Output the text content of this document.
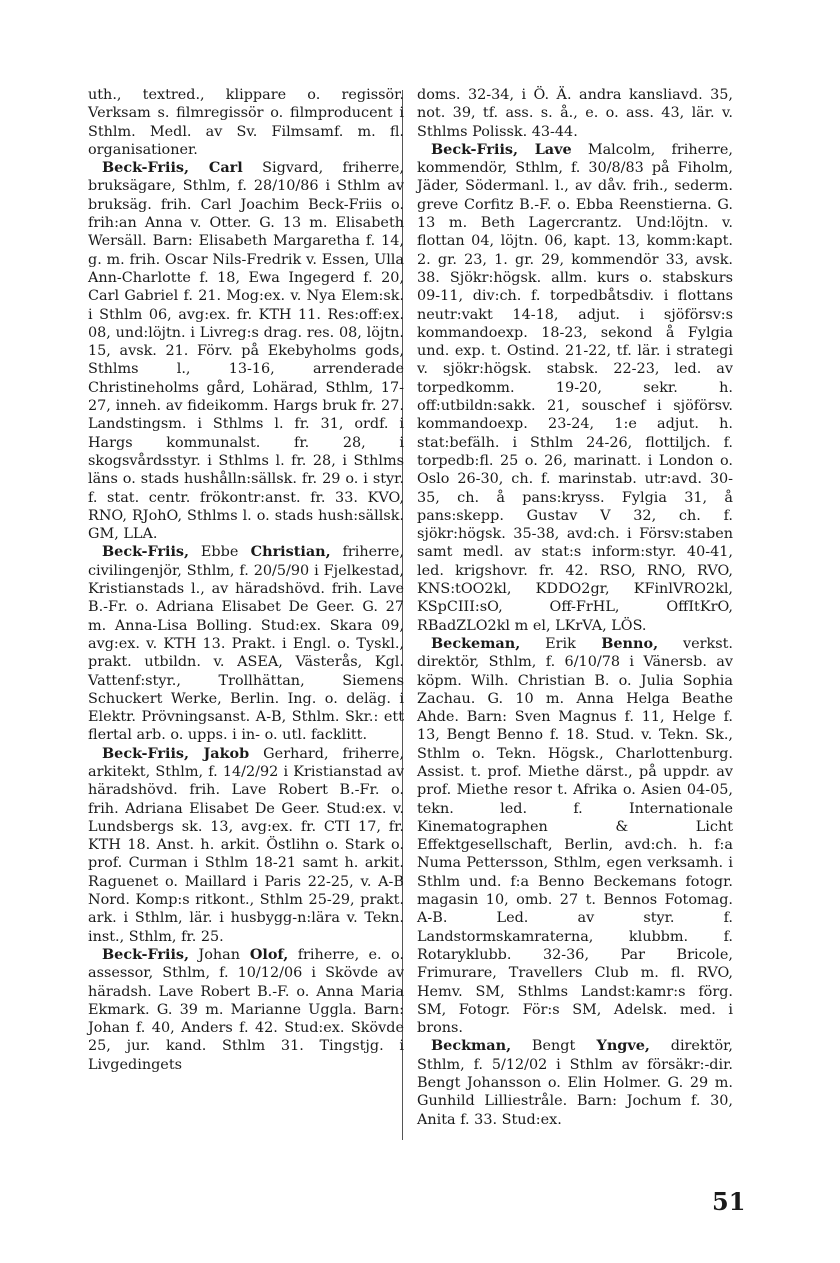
uth., textred., klippare o. regissör. Verksam s. filmregissör o. filmproducent i Sthlm. Medl. av Sv. Filmsamf. m. fl. organisationer.

Beck-Friis, Carl Sigvard, friherre, bruksägare, Sthlm, f. 28/10/86 i Sthlm av bruksäg. frih. Carl Joachim Beck-Friis o. frih:an Anna v. Otter. G. 13 m. Elisabeth Wersäll. Barn: Elisabeth Margaretha f. 14, g. m. frih. Oscar Nils-Fredrik v. Essen, Ulla Ann-Charlotte f. 18, Ewa Ingegerd f. 20, Carl Gabriel f. 21. Mog:ex. v. Nya Elem:sk. i Sthlm 06, avg:ex. fr. KTH 11. Res:off:ex. 08, und:löjtn. i Livreg:s drag. res. 08, löjtn. 15, avsk. 21. Förv. på Ekebyholms gods, Sthlms l., 13-16, arrenderade Christineholms gård, Lohärad, Sthlm, 17-27, inneh. av fideikomm. Hargs bruk fr. 27. Landstingsm. i Sthlms l. fr. 31, ordf. i Hargs kommunalst. fr. 28, i skogsvårdsstyr. i Sthlms l. fr. 28, i Sthlms läns o. stads hushålln:sällsk. fr. 29 o. i styr. f. stat. centr. frökontr:anst. fr. 33. KVO, RNO, RJohO, Sthlms l. o. stads hush:sällsk. GM, LLA.

Beck-Friis, Ebbe Christian, friherre, civilingenjör, Sthlm, f. 20/5/90 i Fjelkestad, Kristianstads l., av häradshövd. frih. Lave B.-Fr. o. Adriana Elisabet De Geer. G. 27 m. Anna-Lisa Bolling. Stud:ex. Skara 09, avg:ex. v. KTH 13. Prakt. i Engl. o. Tyskl., prakt. utbildn. v. ASEA, Västerås, Kgl. Vattenf:styr., Trollhättan, Siemens Schuckert Werke, Berlin. Ing. o. deläg. i Elektr. Prövningsanst. A-B, Sthlm. Skr.: ett flertal arb. o. upps. i in- o. utl. facklitt.

Beck-Friis, Jakob Gerhard, friherre, arkitekt, Sthlm, f. 14/2/92 i Kristianstad av häradshövd. frih. Lave Robert B.-Fr. o. frih. Adriana Elisabet De Geer. Stud:ex. v. Lundsbergs sk. 13, avg:ex. fr. CTI 17, fr. KTH 18. Anst. h. arkit. Östlihn o. Stark o. prof. Curman i Sthlm 18-21 samt h. arkit. Raguenet o. Maillard i Paris 22-25, v. A-B Nord. Komp:s ritkont., Sthlm 25-29, prakt. ark. i Sthlm, lär. i husbygg-n:lära v. Tekn. inst., Sthlm, fr. 25.

Beck-Friis, Johan Olof, friherre, e. o. assessor, Sthlm, f. 10/12/06 i Skövde av häradsh. Lave Robert B.-F. o. Anna Maria Ekmark. G. 39 m. Marianne Uggla. Barn: Johan f. 40, Anders f. 42. Stud:ex. Skövde 25, jur. kand. Sthlm 31. Tingstjg. i Livgedingets

doms. 32-34, i Ö. Ä. andra kansliavd. 35, not. 39, tf. ass. s. å., e. o. ass. 43, lär. v. Sthlms Polissk. 43-44.

Beck-Friis, Lave Malcolm, friherre, kommendör, Sthlm, f. 30/8/83 på Fiholm, Jäder, Södermanl. l., av dåv. frih., sederm. greve Corfitz B.-F. o. Ebba Reenstierna. G. 13 m. Beth Lagercrantz. Und:löjtn. v. flottan 04, löjtn. 06, kapt. 13, komm:kapt. 2. gr. 23, 1. gr. 29, kommendör 33, avsk. 38. Sjökr:högsk. allm. kurs o. stabskurs 09-11, div:ch. f. torpedbåtsdiv. i flottans neutr:vakt 14-18, adjut. i sjöförsv:s kommandoexp. 18-23, sekond å Fylgia und. exp. t. Ostind. 21-22, tf. lär. i strategi v. sjökr:högsk. stabsk. 22-23, led. av torpedkomm. 19-20, sekr. h. off:utbildn:sakk. 21, souschef i sjöförsv. kommandoexp. 23-24, 1:e adjut. h. stat:befälh. i Sthlm 24-26, flottiljch. f. torpedb:fl. 25 o. 26, marinatt. i London o. Oslo 26-30, ch. f. marinstab. utr:avd. 30-35, ch. å pans:kryss. Fylgia 31, å pans:skepp. Gustav V 32, ch. f. sjökr:högsk. 35-38, avd:ch. i Försv:staben samt medl. av stat:s inform:styr. 40-41, led. krigshovr. fr. 42. RSO, RNO, RVO, KNS:tOO2kl, KDDO2gr, KFinlVRO2kl, KSpCIII:sO, Off-FrHL, OffItKrO, RBadZLO2kl m el, LKrVA, LÖS.

Beckeman, Erik Benno, verkst. direktör, Sthlm, f. 6/10/78 i Vänersb. av köpm. Wilh. Christian B. o. Julia Sophia Zachau. G. 10 m. Anna Helga Beathe Ahde. Barn: Sven Magnus f. 11, Helge f. 13, Bengt Benno f. 18. Stud. v. Tekn. Sk., Sthlm o. Tekn. Högsk., Charlottenburg. Assist. t. prof. Miethe därst., på uppdr. av prof. Miethe resor t. Afrika o. Asien 04-05, tekn. led. f. Internationale Kinematographen & Licht Effektgesellschaft, Berlin, avd:ch. h. f:a Numa Pettersson, Sthlm, egen verksamh. i Sthlm und. f:a Benno Beckemans fotogr. magasin 10, omb. 27 t. Bennos Fotomag. A-B. Led. av styr. f. Landstormskamraterna, klubbm. f. Rotaryklubb. 32-36, Par Bricole, Frimurare, Travellers Club m. fl. RVO, Hemv. SM, Sthlms Landst:kamr:s förg. SM, Fotogr. För:s SM, Adelsk. med. i brons.

Beckman, Bengt Yngve, direktör, Sthlm, f. 5/12/02 i Sthlm av försäkr:-dir. Bengt Johansson o. Elin Holmer. G. 29 m. Gunhild Lilliestråle. Barn: Jochum f. 30, Anita f. 33. Stud:ex.

51
